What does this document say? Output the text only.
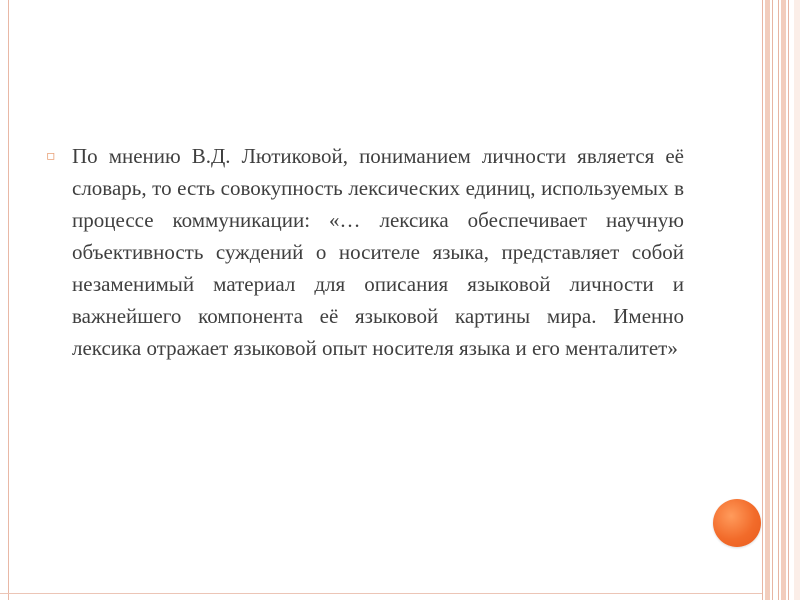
▫ По мнению В.Д. Лютиковой, пониманием личности является её словарь, то есть совокупность лексических единиц, используемых в процессе коммуникации: «… лексика обеспечивает научную объективность суждений о носителе языка, представляет собой незаменимый материал для описания языковой личности и важнейшего компонента её языковой картины мира. Именно лексика отражает языковой опыт носителя языка и его менталитет»
